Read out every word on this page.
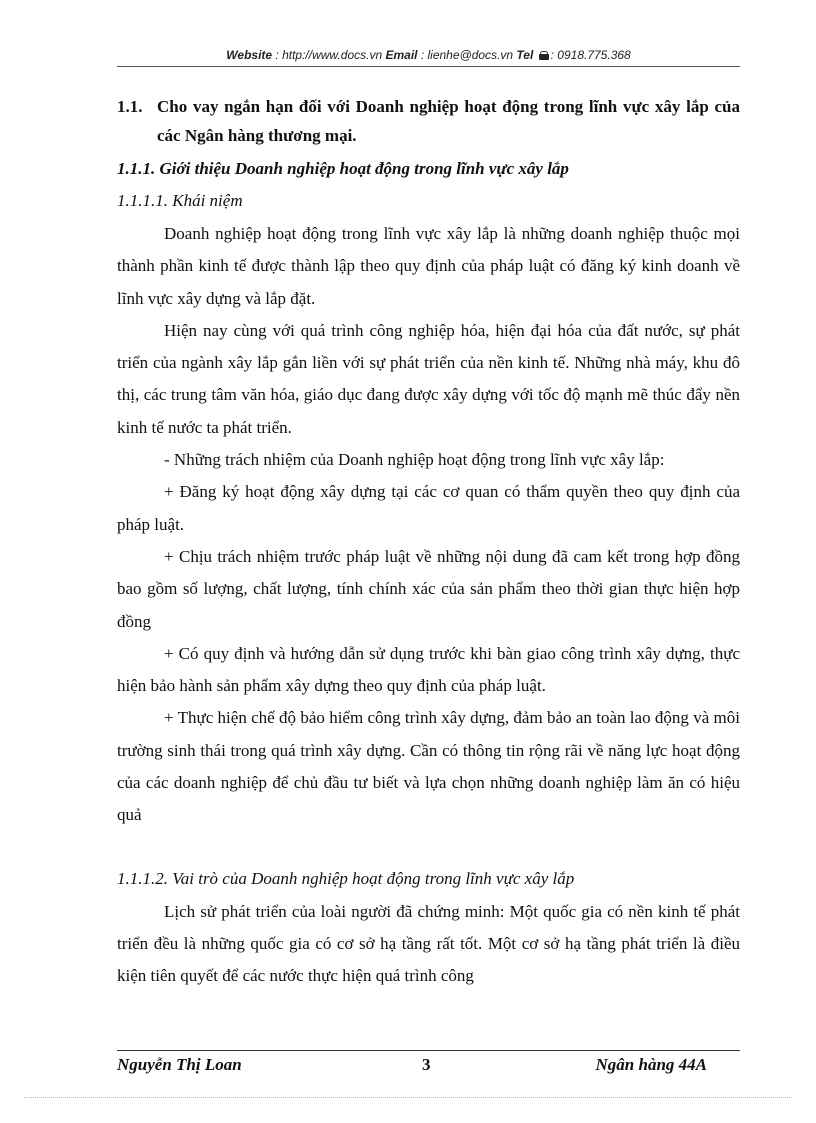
Website : http://www.docs.vn Email : lienhe@docs.vn Tel : 0918.775.368
1.1. Cho vay ngắn hạn đối với Doanh nghiệp hoạt động trong lĩnh vực xây lắp của các Ngân hàng thương mại.
1.1.1. Giới thiệu Doanh nghiệp hoạt động trong lĩnh vực xây lắp
1.1.1.1. Khái niệm

Doanh nghiệp hoạt động trong lĩnh vực xây lắp là những doanh nghiệp thuộc mọi thành phần kinh tế được thành lập theo quy định của pháp luật có đăng ký kinh doanh về lĩnh vực xây dựng và lắp đặt.

Hiện nay cùng với quá trình công nghiệp hóa, hiện đại hóa của đất nước, sự phát triển của ngành xây lắp gắn liền với sự phát triển của nền kinh tế. Những nhà máy, khu đô thị, các trung tâm văn hóa, giáo dục đang được xây dựng với tốc độ mạnh mẽ thúc đẩy nền kinh tế nước ta phát triển.

- Những trách nhiệm của Doanh nghiệp hoạt động trong lĩnh vực xây lắp:

+ Đăng ký hoạt động xây dựng tại các cơ quan có thẩm quyền theo quy định của pháp luật.

+ Chịu trách nhiệm trước pháp luật về những nội dung đã cam kết trong hợp đồng bao gồm số lượng, chất lượng, tính chính xác của sản phẩm theo thời gian thực hiện hợp đồng

+ Có quy định và hướng dẫn sử dụng trước khi bàn giao công trình xây dựng, thực hiện bảo hành sản phẩm xây dựng theo quy định của pháp luật.

+ Thực hiện chế độ bảo hiểm công trình xây dựng, đảm bảo an toàn lao động và môi trường sinh thái trong quá trình xây dựng. Cần có thông tin rộng rãi về năng lực hoạt động của các doanh nghiệp để chủ đầu tư biết và lựa chọn những doanh nghiệp làm ăn có hiệu quả

1.1.1.2. Vai trò của Doanh nghiệp hoạt động trong lĩnh vực xây lắp

Lịch sử phát triển của loài người đã chứng minh: Một quốc gia có nền kinh tế phát triển đều là những quốc gia có cơ sở hạ tầng rất tốt. Một cơ sở hạ tầng phát triển là điều kiện tiên quyết để các nước thực hiện quá trình công

Nguyễn Thị Loan	3	Ngân hàng 44A
